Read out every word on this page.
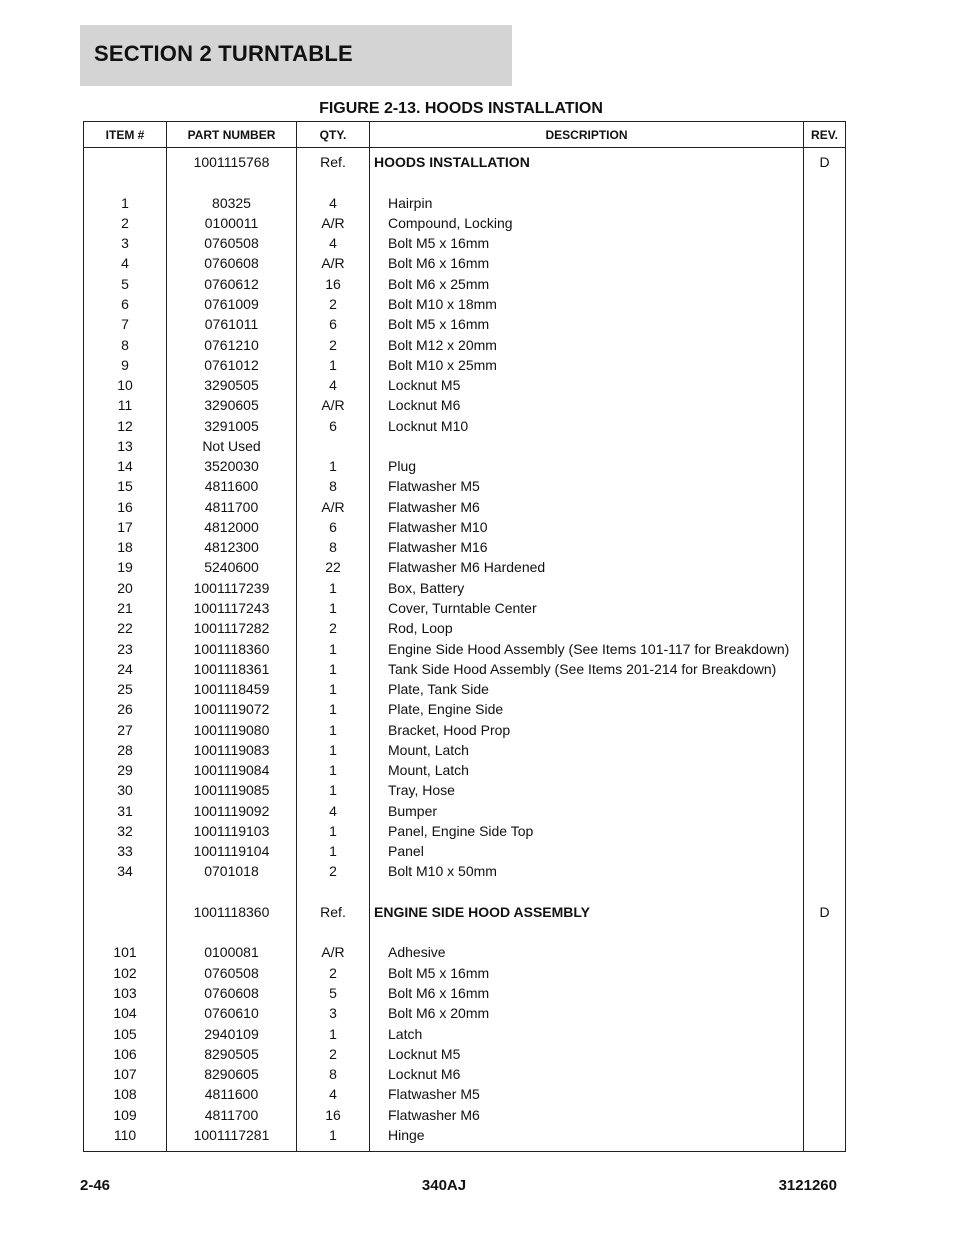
SECTION 2 TURNTABLE
FIGURE 2-13. HOODS INSTALLATION
ITEM #	PART NUMBER	QTY.	DESCRIPTION	REV.
	1001115768	Ref.	HOODS INSTALLATION	D

1	80325	4	Hairpin	
2	0100011	A/R	Compound, Locking	
3	0760508	4	Bolt M5 x 16mm	
4	0760608	A/R	Bolt M6 x 16mm	
5	0760612	16	Bolt M6 x 25mm	
6	0761009	2	Bolt M10 x 18mm	
7	0761011	6	Bolt M5 x 16mm	
8	0761210	2	Bolt M12 x 20mm	
9	0761012	1	Bolt M10 x 25mm	
10	3290505	4	Locknut M5	
11	3290605	A/R	Locknut M6	
12	3291005	6	Locknut M10	
13	Not Used			
14	3520030	1	Plug	
15	4811600	8	Flatwasher M5	
16	4811700	A/R	Flatwasher M6	
17	4812000	6	Flatwasher M10	
18	4812300	8	Flatwasher M16	
19	5240600	22	Flatwasher M6 Hardened	
20	1001117239	1	Box, Battery	
21	1001117243	1	Cover, Turntable Center	
22	1001117282	2	Rod, Loop	
23	1001118360	1	Engine Side Hood Assembly (See Items 101-117 for Breakdown)	
24	1001118361	1	Tank Side Hood Assembly (See Items 201-214 for Breakdown)	
25	1001118459	1	Plate, Tank Side	
26	1001119072	1	Plate, Engine Side	
27	1001119080	1	Bracket, Hood Prop	
28	1001119083	1	Mount, Latch	
29	1001119084	1	Mount, Latch	
30	1001119085	1	Tray, Hose	
31	1001119092	4	Bumper	
32	1001119103	1	Panel, Engine Side Top	
33	1001119104	1	Panel	
34	0701018	2	Bolt M10 x 50mm	

	1001118360	Ref.	ENGINE SIDE HOOD ASSEMBLY	D

101	0100081	A/R	Adhesive	
102	0760508	2	Bolt M5 x 16mm	
103	0760608	5	Bolt M6 x 16mm	
104	0760610	3	Bolt M6 x 20mm	
105	2940109	1	Latch	
106	8290505	2	Locknut M5	
107	8290605	8	Locknut M6	
108	4811600	4	Flatwasher M5	
109	4811700	16	Flatwasher M6	
110	1001117281	1	Hinge	
2-46	340AJ	3121260
